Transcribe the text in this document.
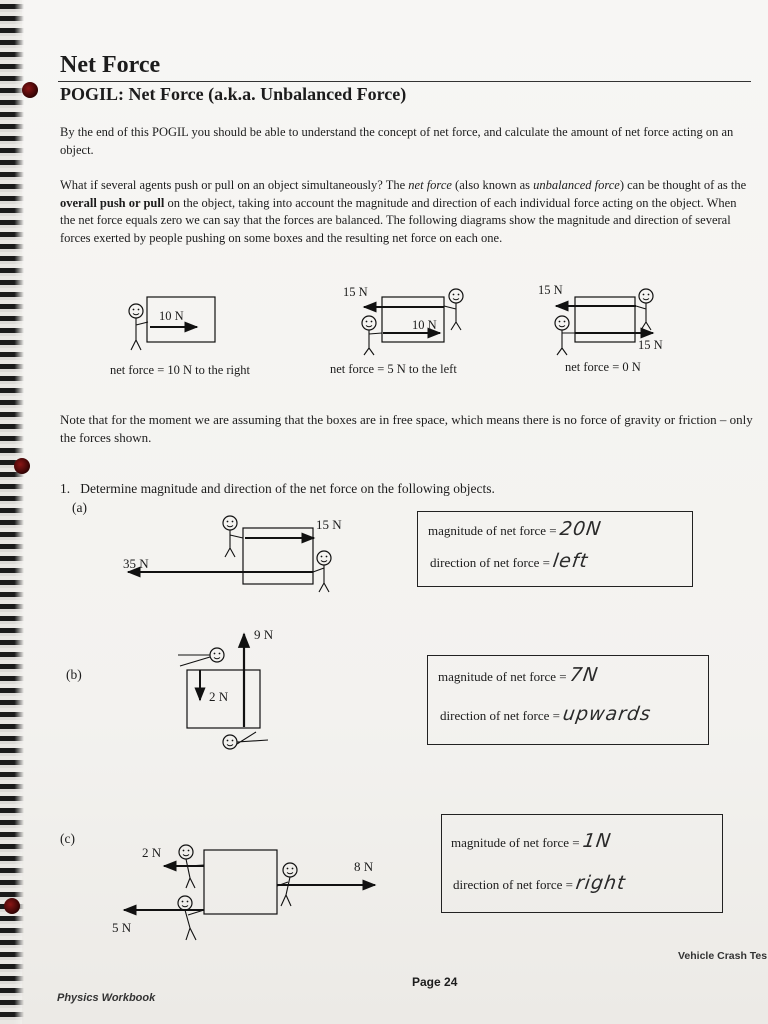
Net Force
POGIL: Net Force (a.k.a. Unbalanced Force)
By the end of this POGIL you should be able to understand the concept of net force, and calculate the amount of net force acting on an object.
What if several agents push or pull on an object simultaneously? The net force (also known as unbalanced force) can be thought of as the overall push or pull on the object, taking into account the magnitude and direction of each individual force acting on the object. When the net force equals zero we can say that the forces are balanced. The following diagrams show the magnitude and direction of several forces exerted by people pushing on some boxes and the resulting net force on each one.
10 N
net force = 10 N to the right
15 N
10 N
net force = 5 N to the left
15 N
15 N
net force = 0 N
Note that for the moment we are assuming that the boxes are in free space, which means there is no force of gravity or friction – only the forces shown.
1. Determine magnitude and direction of the net force on the following objects.
(a)
15 N
35 N
magnitude of net force = 20N
direction of net force = left
(b)
9 N
2 N
magnitude of net force = 7N
direction of net force = upwards
(c)
2 N
8 N
5 N
magnitude of net force = 1N
direction of net force = right
Vehicle Crash Tes
Page 24
Physics Workbook
